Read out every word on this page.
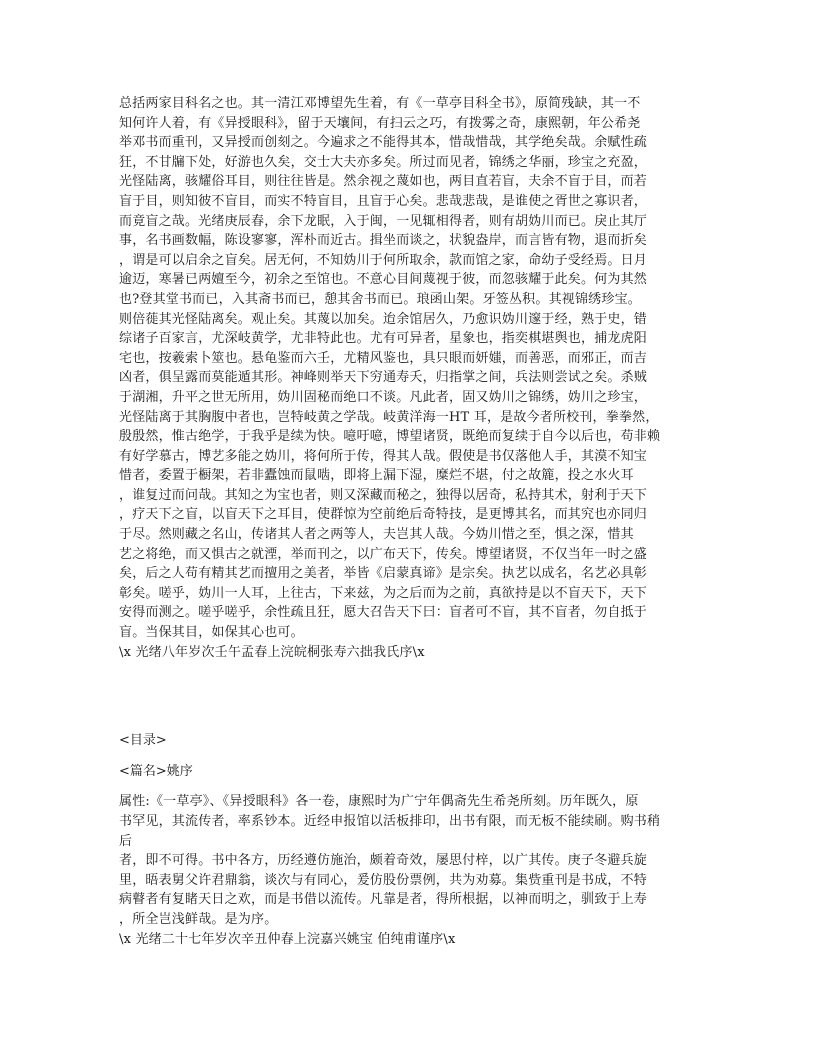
总括两家目科名之也。其一清江邓博望先生着，有《一草亭目科全书》，原简残缺，其一不
知何许人着，有《异授眼科》，留于天壤间，有扫云之巧，有拨雾之奇，康熙朝，年公希尧
举邓书而重刊，又异授而创刻之。今遍求之不能得其本，惜哉惜哉，其学绝矣哉。余赋性疏
狂，不甘牖下处，好游也久矣，交士大夫亦多矣。所过而见者，锦绣之华丽，珍宝之充盈，
光怪陆离，骇耀俗耳目，则往往皆是。然余视之蔑如也，两目直若盲，夫余不盲于目，而若
盲于目，则知彼不盲目，而实不特盲目，且盲于心矣。悲哉悲哉，是谁使之胥世之寡识者，
而竟盲之哉。光绪庚辰春，余下龙眠，入于闽，一见辄相得者，则有胡妫川而已。戾止其厅
事，名书画数幅，陈设寥寥，浑朴而近古。揖坐而谈之，状貌盎岸，而言皆有物，退而折矣
，谓是可以启余之盲矣。居无何，不知妫川于何所取余，款而馆之家，命幼子受经焉。日月
逾迈，寒暑已两嬗至今，初余之至馆也。不意心目间蔑视于彼，而忽骇耀于此矣。何为其然
也?登其堂书而已，入其斋书而已，憩其舍书而已。琅函山架。牙签丛积。其视锦绣珍宝。
则倍蓰其光怪陆离矣。观止矣。其蔑以加矣。迨余馆居久，乃愈识妫川邃于经，熟于史，错
综诸子百家言，尤深岐黄学，尤非特此也。尤有可异者，星象也，指奕棋堪舆也，捕龙虎阳
宅也，按羲索卜筮也。悬龟鉴而六壬，尤精风鉴也，具只眼而妍媸，而善恶，而邪正，而吉
凶者，俱呈露而莫能遁其形。神峰则举天下穷通寿夭，归指掌之间，兵法则尝试之矣。杀贼
于湖湘，升平之世无所用，妫川固秘而绝口不谈。凡此者，固又妫川之锦绣，妫川之珍宝，
光怪陆离于其胸腹中者也，岂特岐黄之学哉。岐黄洋海一HT 耳，是故今者所校刊，拳拳然，
殷殷然，惟古绝学，于我乎是续为快。噫吁噫，博望诸贤，既绝而复续于自今以后也，苟非赖
有好学慕古，博艺多能之妫川，将何所于传，得其人哉。假使是书仅落他人手，其漠不知宝
惜者，委置于橱架，若非蠹蚀而鼠啮，即将上漏下湿，糜烂不堪，付之故簏，投之水火耳
，谁复过而问哉。其知之为宝也者，则又深藏而秘之，独得以居奇，私持其术，射利于天下
，疗天下之盲，以盲天下之耳目，使群惊为空前绝后奇特技，是更博其名，而其究也亦同归
于尽。然则藏之名山，传诸其人者之两等人，夫岂其人哉。今妫川惜之至，惧之深，惜其
艺之将绝，而又惧古之就湮，举而刊之，以广布天下，传矣。博望诸贤，不仅当年一时之盛
矣，后之人苟有精其艺而擅用之美者，举皆《启蒙真谛》是宗矣。执艺以成名，名艺必具彰
彰矣。嗟乎，妫川一人耳，上往古，下来兹，为之后而为之前，真欲持是以不盲天下，天下
安得而测之。嗟乎嗟乎，余性疏且狂，愿大召告天下曰：盲者可不盲，其不盲者，勿自抵于
盲。当保其目，如保其心也可。
\x 光绪八年岁次壬午孟春上浣皖桐张寿六拙我氏序\x
<目录>
<篇名>姚序
属性:《一草亭》、《异授眼科》各一卷，康熙时为广宁年偶斋先生希尧所刻。历年既久，原
书罕见，其流传者，率系钞本。近经申报馆以活板排印，出书有限，而无板不能续刷。购书稍
后
者，即不可得。书中各方，历经遵仿施治，颇着奇效，屡思付梓，以广其传。庚子冬避兵旋
里，晤表舅父许君鼎翁，谈次与有同心，爰仿股份票例，共为劝募。集赀重刊是书成，不特
病瞽者有复睹天日之欢，而是书借以流传。凡靠是者，得所根据，以神而明之，驯致于上寿
，所全岂浅鲜哉。是为序。
\x 光绪二十七年岁次辛丑仲春上浣嘉兴姚宝 伯纯甫谨序\x
